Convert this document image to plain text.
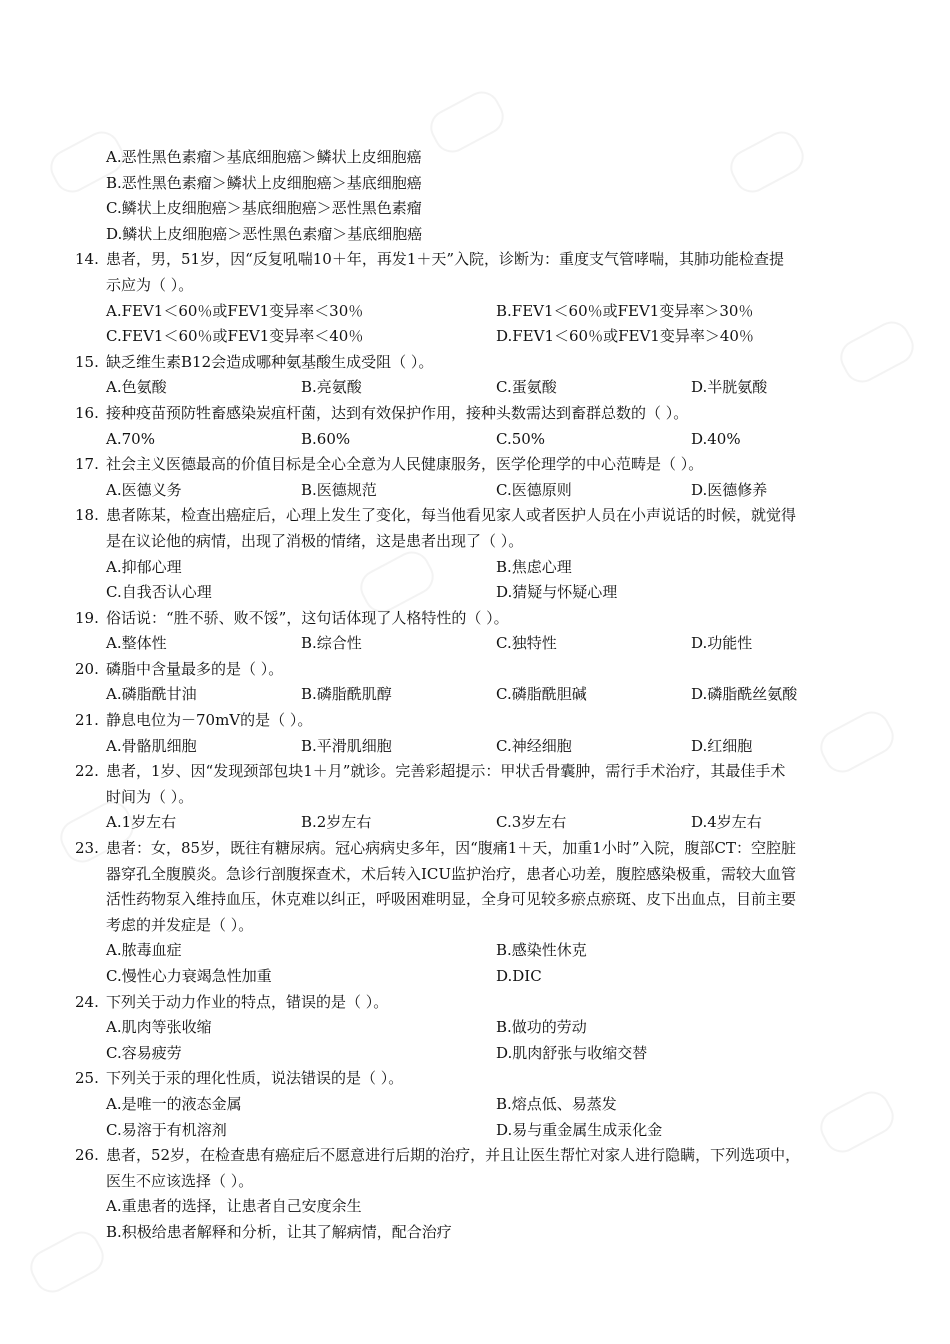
A.恶性黑色素瘤＞基底细胞癌＞鳞状上皮细胞癌
B.恶性黑色素瘤＞鳞状上皮细胞癌＞基底细胞癌
C.鳞状上皮细胞癌＞基底细胞癌＞恶性黑色素瘤
D.鳞状上皮细胞癌＞恶性黑色素瘤＞基底细胞癌
14. 患者，男，51岁，因“反复吼喘10＋年，再发1＋天”入院，诊断为：重度支气管哮喘，其肺功能检查提
示应为（ ）。
A.FEV1＜60％或FEV1变异率＜30％	B.FEV1＜60％或FEV1变异率＞30％
C.FEV1＜60％或FEV1变异率＜40％	D.FEV1＜60％或FEV1变异率＞40％
15. 缺乏维生素B12会造成哪种氨基酸生成受阻（ ）。
A.色氨酸	B.亮氨酸	C.蛋氨酸	D.半胱氨酸
16. 接种疫苗预防牲畜感染炭疽杆菌，达到有效保护作用，接种头数需达到畜群总数的（ ）。
A.70%	B.60%	C.50%	D.40%
17. 社会主义医德最高的价值目标是全心全意为人民健康服务，医学伦理学的中心范畴是（ ）。
A.医德义务	B.医德规范	C.医德原则	D.医德修养
18. 患者陈某，检查出癌症后，心理上发生了变化，每当他看见家人或者医护人员在小声说话的时候，就觉得
是在议论他的病情，出现了消极的情绪，这是患者出现了（ ）。
A.抑郁心理	B.焦虑心理
C.自我否认心理	D.猜疑与怀疑心理
19. 俗话说：“胜不骄、败不馁”，这句话体现了人格特性的（ ）。
A.整体性	B.综合性	C.独特性	D.功能性
20. 磷脂中含量最多的是（ ）。
A.磷脂酰甘油	B.磷脂酰肌醇	C.磷脂酰胆碱	D.磷脂酰丝氨酸
21. 静息电位为－70mV的是（ ）。
A.骨骼肌细胞	B.平滑肌细胞	C.神经细胞	D.红细胞
22. 患者，1岁、因“发现颈部包块1＋月”就诊。完善彩超提示：甲状舌骨囊肿，需行手术治疗，其最佳手术
时间为（ ）。
A.1岁左右	B.2岁左右	C.3岁左右	D.4岁左右
23. 患者：女，85岁，既往有糖尿病。冠心病病史多年，因“腹痛1＋天，加重1小时”入院，腹部CT：空腔脏
器穿孔全腹膜炎。急诊行剖腹探查术，术后转入ICU监护治疗，患者心功差，腹腔感染极重，需较大血管
活性药物泵入维持血压，休克难以纠正，呼吸困难明显，全身可见较多瘀点瘀斑、皮下出血点，目前主要
考虑的并发症是（ ）。
A.脓毒血症	B.感染性休克
C.慢性心力衰竭急性加重	D.DIC
24. 下列关于动力作业的特点，错误的是（ ）。
A.肌肉等张收缩	B.做功的劳动
C.容易疲劳	D.肌肉舒张与收缩交替
25. 下列关于汞的理化性质，说法错误的是（ ）。
A.是唯一的液态金属	B.熔点低、易蒸发
C.易溶于有机溶剂	D.易与重金属生成汞化金
26. 患者，52岁，在检查患有癌症后不愿意进行后期的治疗，并且让医生帮忙对家人进行隐瞒，下列选项中，
医生不应该选择（ ）。
A.重患者的选择，让患者自己安度余生
B.积极给患者解释和分析，让其了解病情，配合治疗
